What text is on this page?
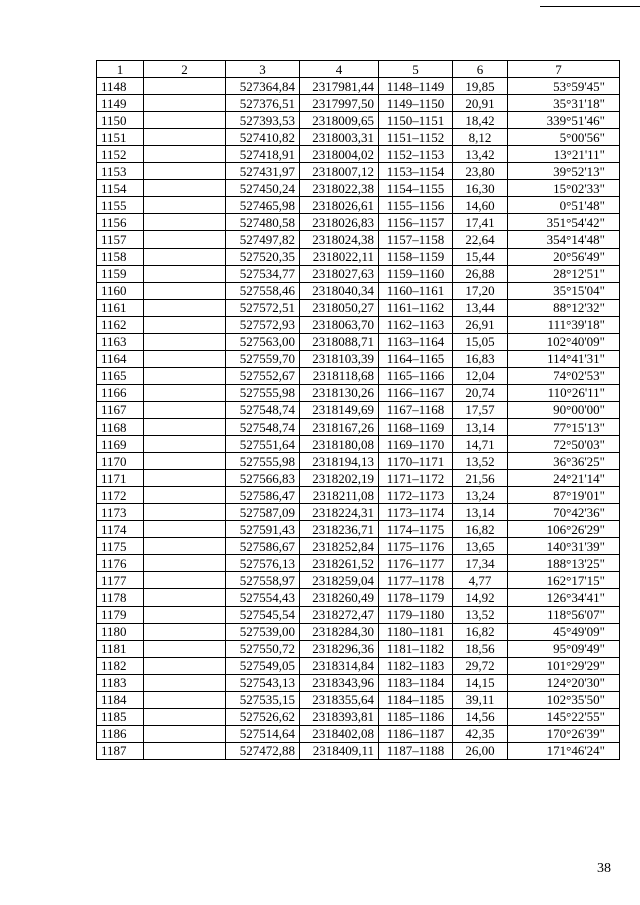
1	2	3	4	5	6	7
1148		527364,84	2317981,44	1148–1149	19,85	53°59'45"
1149		527376,51	2317997,50	1149–1150	20,91	35°31'18"
1150		527393,53	2318009,65	1150–1151	18,42	339°51'46"
1151		527410,82	2318003,31	1151–1152	8,12	5°00'56"
1152		527418,91	2318004,02	1152–1153	13,42	13°21'11"
1153		527431,97	2318007,12	1153–1154	23,80	39°52'13"
1154		527450,24	2318022,38	1154–1155	16,30	15°02'33"
1155		527465,98	2318026,61	1155–1156	14,60	0°51'48"
1156		527480,58	2318026,83	1156–1157	17,41	351°54'42"
1157		527497,82	2318024,38	1157–1158	22,64	354°14'48"
1158		527520,35	2318022,11	1158–1159	15,44	20°56'49"
1159		527534,77	2318027,63	1159–1160	26,88	28°12'51"
1160		527558,46	2318040,34	1160–1161	17,20	35°15'04"
1161		527572,51	2318050,27	1161–1162	13,44	88°12'32"
1162		527572,93	2318063,70	1162–1163	26,91	111°39'18"
1163		527563,00	2318088,71	1163–1164	15,05	102°40'09"
1164		527559,70	2318103,39	1164–1165	16,83	114°41'31"
1165		527552,67	2318118,68	1165–1166	12,04	74°02'53"
1166		527555,98	2318130,26	1166–1167	20,74	110°26'11"
1167		527548,74	2318149,69	1167–1168	17,57	90°00'00"
1168		527548,74	2318167,26	1168–1169	13,14	77°15'13"
1169		527551,64	2318180,08	1169–1170	14,71	72°50'03"
1170		527555,98	2318194,13	1170–1171	13,52	36°36'25"
1171		527566,83	2318202,19	1171–1172	21,56	24°21'14"
1172		527586,47	2318211,08	1172–1173	13,24	87°19'01"
1173		527587,09	2318224,31	1173–1174	13,14	70°42'36"
1174		527591,43	2318236,71	1174–1175	16,82	106°26'29"
1175		527586,67	2318252,84	1175–1176	13,65	140°31'39"
1176		527576,13	2318261,52	1176–1177	17,34	188°13'25"
1177		527558,97	2318259,04	1177–1178	4,77	162°17'15"
1178		527554,43	2318260,49	1178–1179	14,92	126°34'41"
1179		527545,54	2318272,47	1179–1180	13,52	118°56'07"
1180		527539,00	2318284,30	1180–1181	16,82	45°49'09"
1181		527550,72	2318296,36	1181–1182	18,56	95°09'49"
1182		527549,05	2318314,84	1182–1183	29,72	101°29'29"
1183		527543,13	2318343,96	1183–1184	14,15	124°20'30"
1184		527535,15	2318355,64	1184–1185	39,11	102°35'50"
1185		527526,62	2318393,81	1185–1186	14,56	145°22'55"
1186		527514,64	2318402,08	1186–1187	42,35	170°26'39"
1187		527472,88	2318409,11	1187–1188	26,00	171°46'24"
38
